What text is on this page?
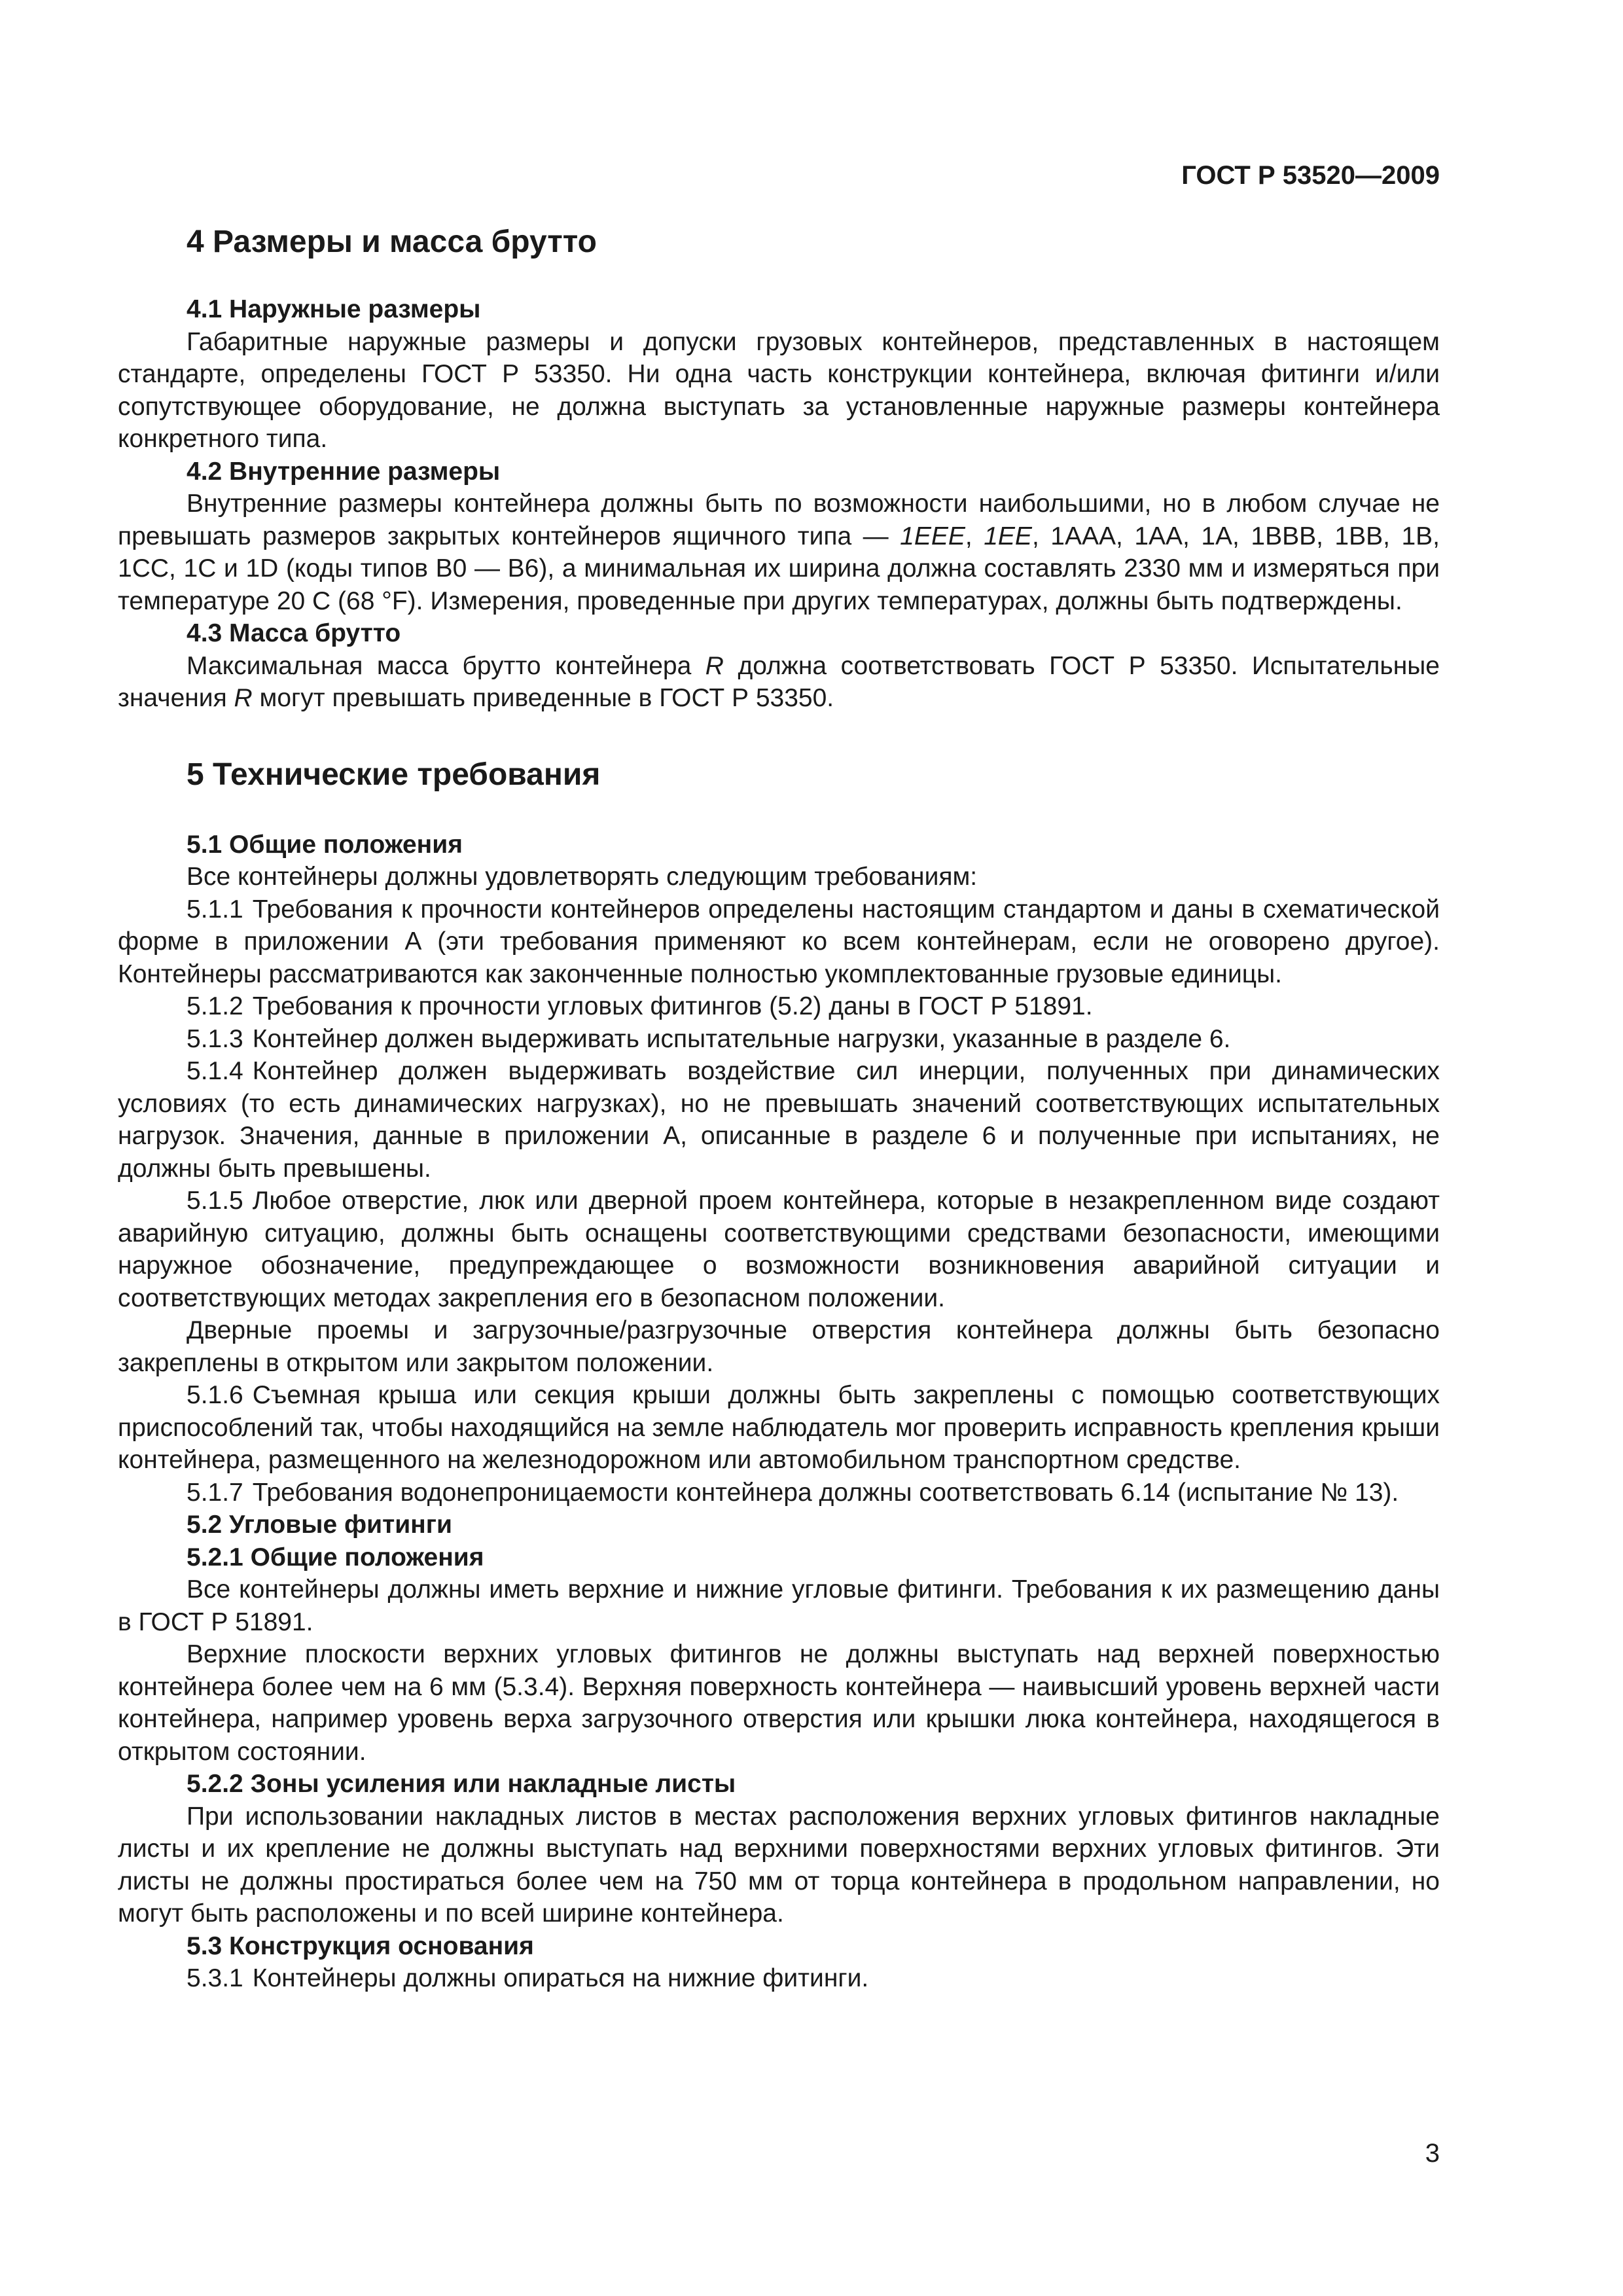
ГОСТ Р 53520—2009
4 Размеры и масса брутто
4.1 Наружные размеры

Габаритные наружные размеры и допуски грузовых контейнеров, представленных в настоящем стандарте, определены ГОСТ Р 53350. Ни одна часть конструкции контейнера, включая фитинги и/или сопутствующее оборудование, не должна выступать за установленные наружные размеры контейнера конкретного типа.

4.2 Внутренние размеры

Внутренние размеры контейнера должны быть по возможности наибольшими, но в любом случае не превышать размеров закрытых контейнеров ящичного типа — 1EEE, 1EE, 1AAA, 1AA, 1A, 1BBB, 1BB, 1B, 1CC, 1C и 1D (коды типов B0 — B6), а минимальная их ширина должна составлять 2330 мм и измеряться при температуре 20 C (68 °F). Измерения, проведенные при других температурах, должны быть подтверждены.

4.3 Масса брутто

Максимальная масса брутто контейнера R должна соответствовать ГОСТ Р 53350. Испытательные значения R могут превышать приведенные в ГОСТ Р 53350.

5 Технические требования
5.1 Общие положения

Все контейнеры должны удовлетворять следующим требованиям:

5.1.1 Требования к прочности контейнеров определены настоящим стандартом и даны в схематической форме в приложении А (эти требования применяют ко всем контейнерам, если не оговорено другое). Контейнеры рассматриваются как законченные полностью укомплектованные грузовые единицы.

5.1.2 Требования к прочности угловых фитингов (5.2) даны в ГОСТ Р 51891.

5.1.3 Контейнер должен выдерживать испытательные нагрузки, указанные в разделе 6.

5.1.4 Контейнер должен выдерживать воздействие сил инерции, полученных при динамических условиях (то есть динамических нагрузках), но не превышать значений соответствующих испытательных нагрузок. Значения, данные в приложении А, описанные в разделе 6 и полученные при испытаниях, не должны быть превышены.

5.1.5 Любое отверстие, люк или дверной проем контейнера, которые в незакрепленном виде создают аварийную ситуацию, должны быть оснащены соответствующими средствами безопасности, имеющими наружное обозначение, предупреждающее о возможности возникновения аварийной ситуации и соответствующих методах закрепления его в безопасном положении.

Дверные проемы и загрузочные/разгрузочные отверстия контейнера должны быть безопасно закреплены в открытом или закрытом положении.

5.1.6 Съемная крыша или секция крыши должны быть закреплены с помощью соответствующих приспособлений так, чтобы находящийся на земле наблюдатель мог проверить исправность крепления крыши контейнера, размещенного на железнодорожном или автомобильном транспортном средстве.

5.1.7 Требования водонепроницаемости контейнера должны соответствовать 6.14 (испытание № 13).

5.2 Угловые фитинги
5.2.1 Общие положения

Все контейнеры должны иметь верхние и нижние угловые фитинги. Требования к их размещению даны в ГОСТ Р 51891.

Верхние плоскости верхних угловых фитингов не должны выступать над верхней поверхностью контейнера более чем на 6 мм (5.3.4). Верхняя поверхность контейнера — наивысший уровень верхней части контейнера, например уровень верха загрузочного отверстия или крышки люка контейнера, находящегося в открытом состоянии.

5.2.2 Зоны усиления или накладные листы

При использовании накладных листов в местах расположения верхних угловых фитингов накладные листы и их крепление не должны выступать над верхними поверхностями верхних угловых фитингов. Эти листы не должны простираться более чем на 750 мм от торца контейнера в продольном направлении, но могут быть расположены и по всей ширине контейнера.

5.3 Конструкция основания

5.3.1 Контейнеры должны опираться на нижние фитинги.

3
